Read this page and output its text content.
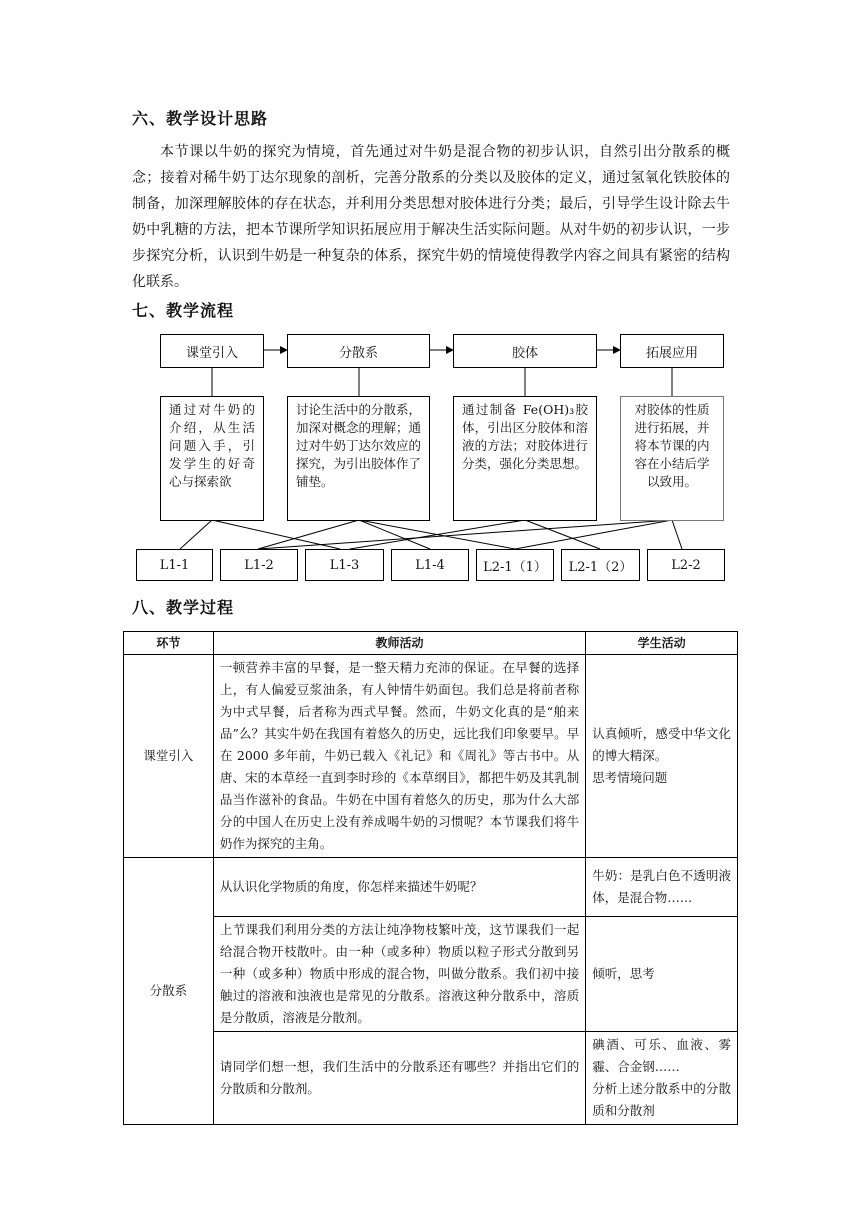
六、教学设计思路

本节课以牛奶的探究为情境，首先通过对牛奶是混合物的初步认识，自然引出分散系的概念；接着对稀牛奶丁达尔现象的剖析，完善分散系的分类以及胶体的定义，通过氢氧化铁胶体的制备，加深理解胶体的存在状态，并利用分类思想对胶体进行分类；最后，引导学生设计除去牛奶中乳糖的方法，把本节课所学知识拓展应用于解决生活实际问题。从对牛奶的初步认识，一步步探究分析，认识到牛奶是一种复杂的体系，探究牛奶的情境使得教学内容之间具有紧密的结构化联系。

七、教学流程
课堂引入	分散系	胶体	拓展应用
通过对牛奶的介绍，从生活问题入手，引发学生的好奇心与探索欲
讨论生活中的分散系，加深对概念的理解；通过对牛奶丁达尔效应的探究，为引出胶体作了铺垫。
通过制备 Fe(OH)₃胶体，引出区分胶体和溶液的方法；对胶体进行分类，强化分类思想。
对胶体的性质进行拓展，并将本节课的内容在小结后学以致用。
L1-1	L1-2	L1-3	L1-4	L2-1（1）	L2-1（2）	L2-2
八、教学过程
环节	教师活动	学生活动
课堂引入	一顿营养丰富的早餐，是一整天精力充沛的保证。在早餐的选择上，有人偏爱豆浆油条，有人钟情牛奶面包。我们总是将前者称为中式早餐，后者称为西式早餐。然而，牛奶文化真的是“舶来品”么？其实牛奶在我国有着悠久的历史，远比我们印象要早。早在 2000 多年前，牛奶已载入《礼记》和《周礼》等古书中。从唐、宋的本草经一直到李时珍的《本草纲目》，都把牛奶及其乳制品当作滋补的食品。牛奶在中国有着悠久的历史，那为什么大部分的中国人在历史上没有养成喝牛奶的习惯呢？本节课我们将牛奶作为探究的主角。	认真倾听，感受中华文化的博大精深。
思考情境问题

分散系	从认识化学物质的角度，你怎样来描述牛奶呢？	牛奶：是乳白色不透明液体，是混合物……

	上节课我们利用分类的方法让纯净物枝繁叶茂，这节课我们一起给混合物开枝散叶。由一种（或多种）物质以粒子形式分散到另一种（或多种）物质中形成的混合物，叫做分散系。我们初中接触过的溶液和浊液也是常见的分散系。溶液这种分散系中，溶质是分散质，溶液是分散剂。	倾听，思考

	请同学们想一想，我们生活中的分散系还有哪些？并指出它们的分散质和分散剂。	碘酒、可乐、血液、雾霾、合金钢……
分析上述分散系中的分散质和分散剂
